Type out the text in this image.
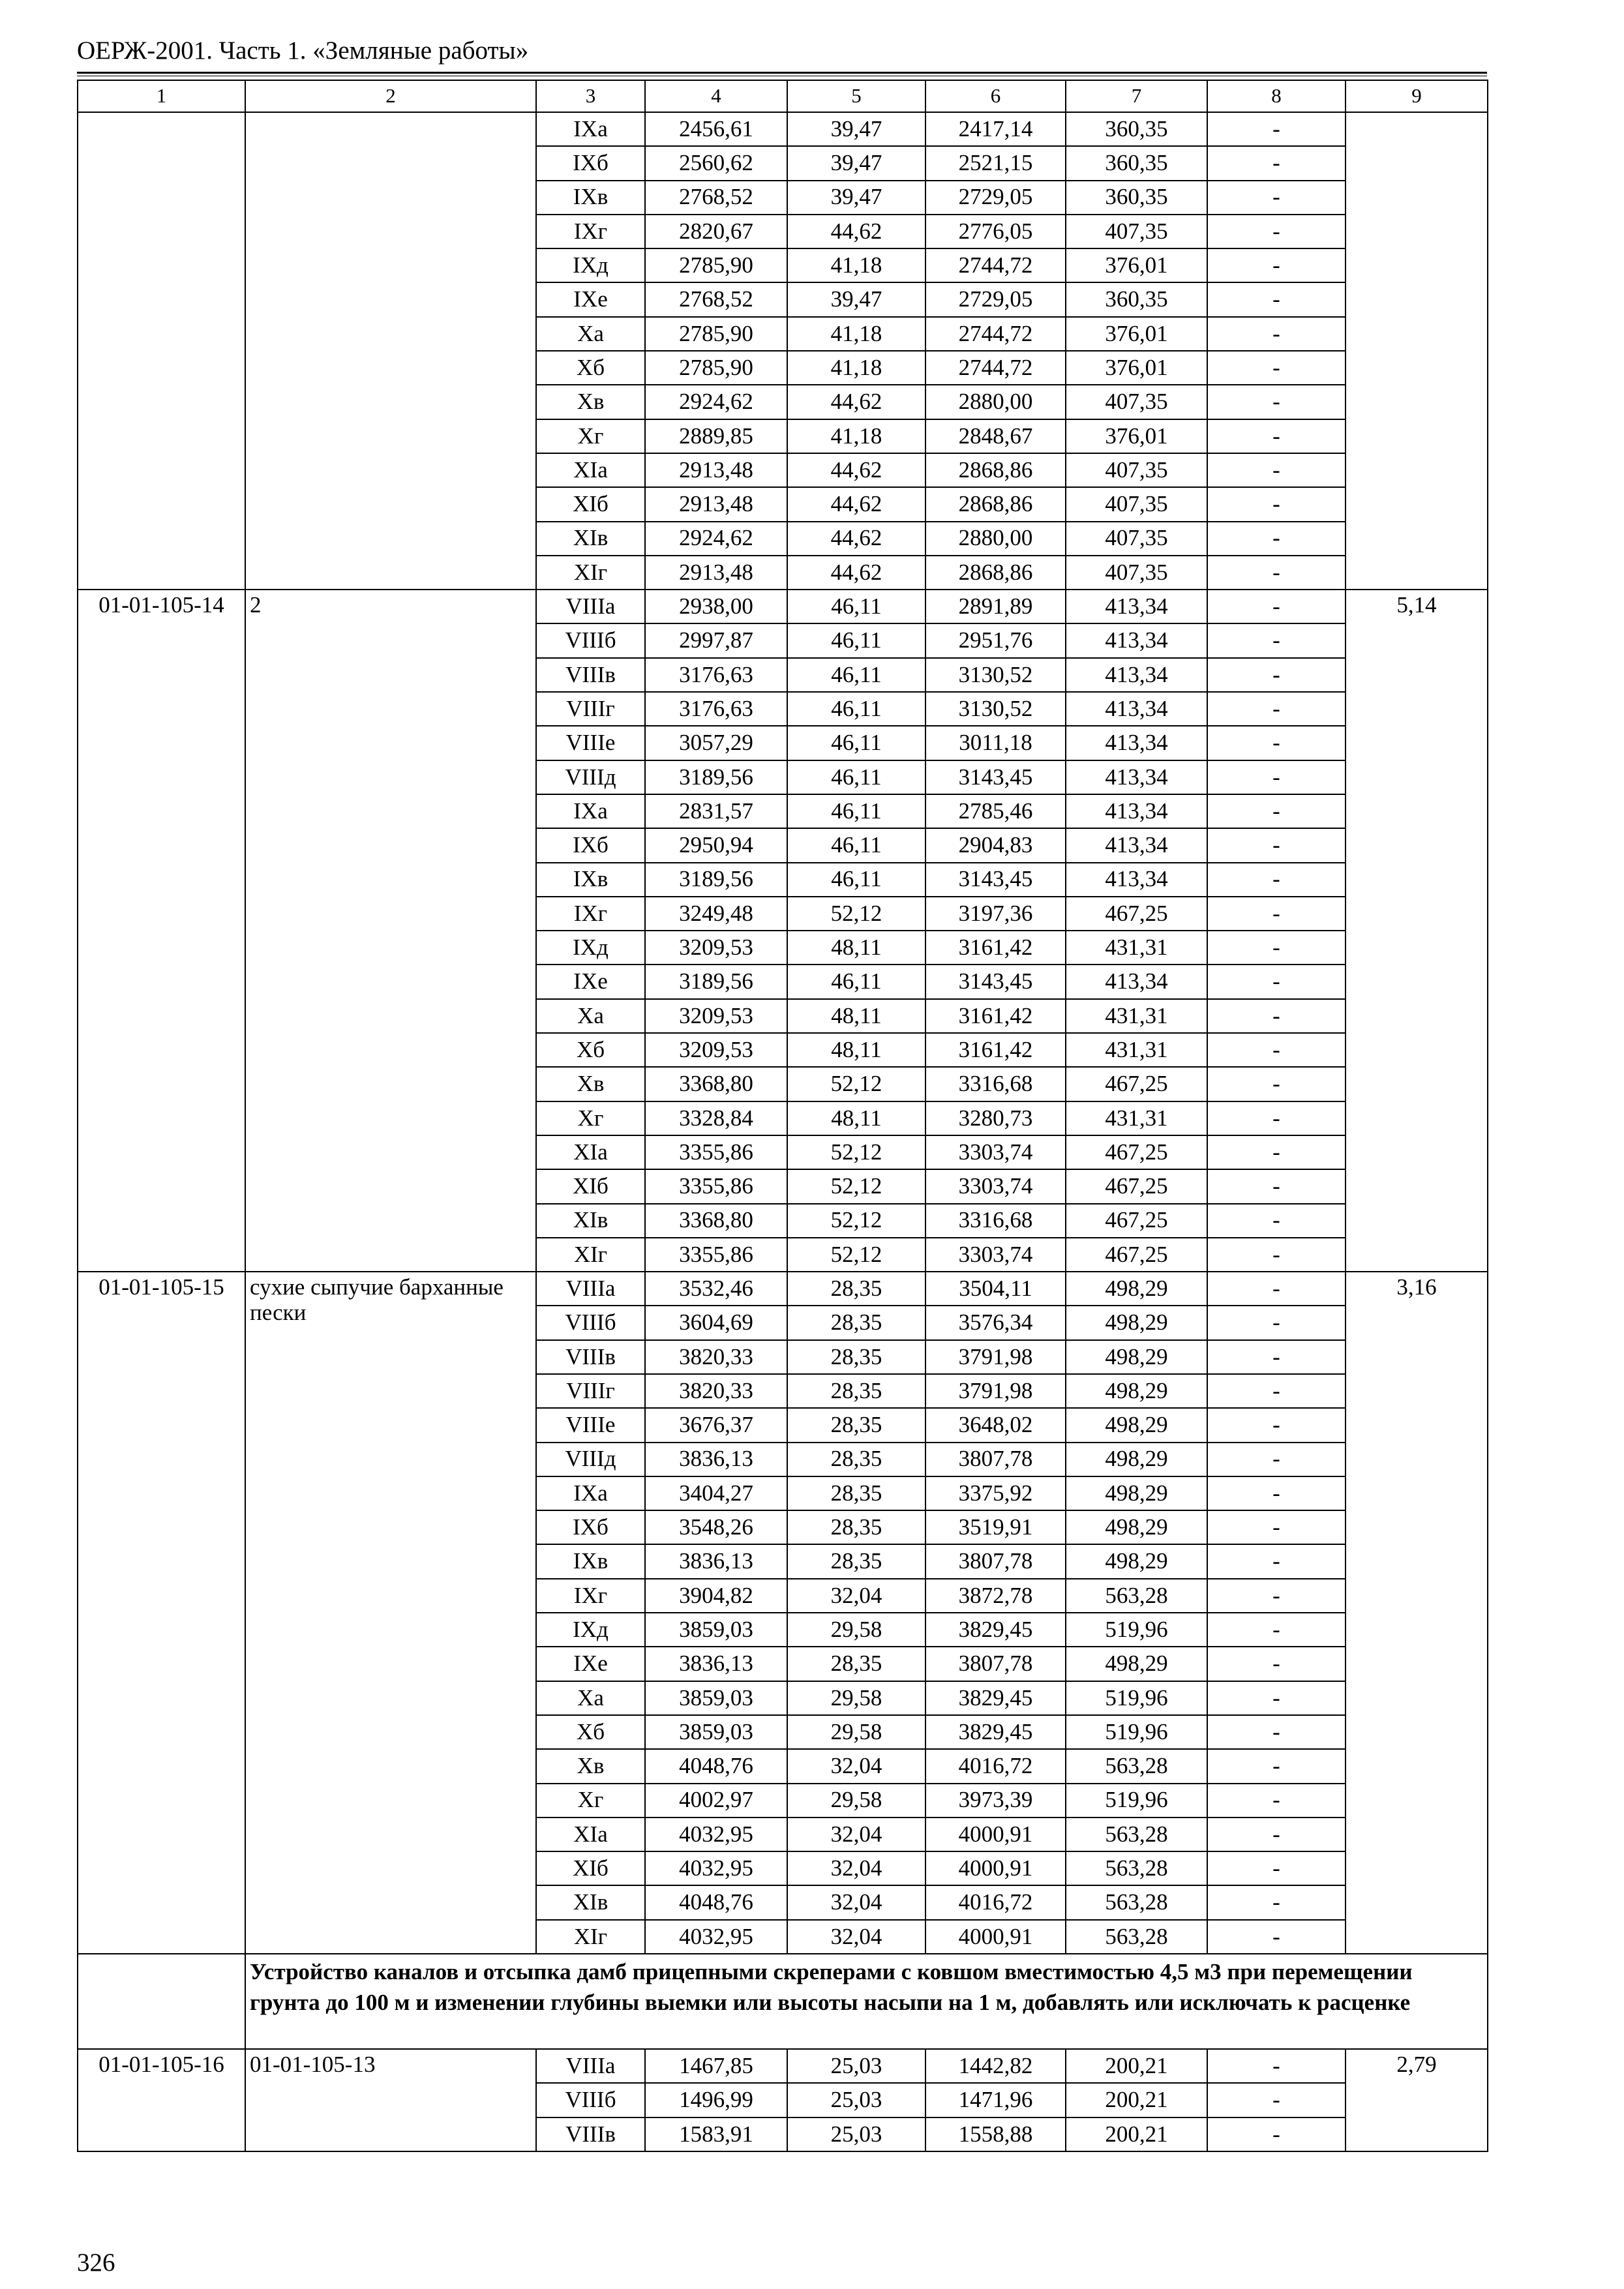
ОЕРЖ-2001. Часть 1. «Земляные работы»
1	2	3	4	5	6	7	8	9
		IXа	2456,61	39,47	2417,14	360,35	-	
		IXб	2560,62	39,47	2521,15	360,35	-	
		IXв	2768,52	39,47	2729,05	360,35	-	
		IXг	2820,67	44,62	2776,05	407,35	-	
		IXд	2785,90	41,18	2744,72	376,01	-	
		IXе	2768,52	39,47	2729,05	360,35	-	
		Xа	2785,90	41,18	2744,72	376,01	-	
		Xб	2785,90	41,18	2744,72	376,01	-	
		Xв	2924,62	44,62	2880,00	407,35	-	
		Xг	2889,85	41,18	2848,67	376,01	-	
		XIа	2913,48	44,62	2868,86	407,35	-	
		XIб	2913,48	44,62	2868,86	407,35	-	
		XIв	2924,62	44,62	2880,00	407,35	-	
		XIг	2913,48	44,62	2868,86	407,35	-	
01-01-105-14	2	VIIIа	2938,00	46,11	2891,89	413,34	-	5,14
		VIIIб	2997,87	46,11	2951,76	413,34	-	
		VIIIв	3176,63	46,11	3130,52	413,34	-	
		VIIIг	3176,63	46,11	3130,52	413,34	-	
		VIIIе	3057,29	46,11	3011,18	413,34	-	
		VIIIд	3189,56	46,11	3143,45	413,34	-	
		IXа	2831,57	46,11	2785,46	413,34	-	
		IXб	2950,94	46,11	2904,83	413,34	-	
		IXв	3189,56	46,11	3143,45	413,34	-	
		IXг	3249,48	52,12	3197,36	467,25	-	
		IXд	3209,53	48,11	3161,42	431,31	-	
		IXе	3189,56	46,11	3143,45	413,34	-	
		Xа	3209,53	48,11	3161,42	431,31	-	
		Xб	3209,53	48,11	3161,42	431,31	-	
		Xв	3368,80	52,12	3316,68	467,25	-	
		Xг	3328,84	48,11	3280,73	431,31	-	
		XIа	3355,86	52,12	3303,74	467,25	-	
		XIб	3355,86	52,12	3303,74	467,25	-	
		XIв	3368,80	52,12	3316,68	467,25	-	
		XIг	3355,86	52,12	3303,74	467,25	-	
01-01-105-15	сухие сыпучие барханные пески	VIIIа	3532,46	28,35	3504,11	498,29	-	3,16
		VIIIб	3604,69	28,35	3576,34	498,29	-	
		VIIIв	3820,33	28,35	3791,98	498,29	-	
		VIIIг	3820,33	28,35	3791,98	498,29	-	
		VIIIе	3676,37	28,35	3648,02	498,29	-	
		VIIIд	3836,13	28,35	3807,78	498,29	-	
		IXа	3404,27	28,35	3375,92	498,29	-	
		IXб	3548,26	28,35	3519,91	498,29	-	
		IXв	3836,13	28,35	3807,78	498,29	-	
		IXг	3904,82	32,04	3872,78	563,28	-	
		IXд	3859,03	29,58	3829,45	519,96	-	
		IXе	3836,13	28,35	3807,78	498,29	-	
		Xа	3859,03	29,58	3829,45	519,96	-	
		Xб	3859,03	29,58	3829,45	519,96	-	
		Xв	4048,76	32,04	4016,72	563,28	-	
		Xг	4002,97	29,58	3973,39	519,96	-	
		XIа	4032,95	32,04	4000,91	563,28	-	
		XIб	4032,95	32,04	4000,91	563,28	-	
		XIв	4048,76	32,04	4016,72	563,28	-	
		XIг	4032,95	32,04	4000,91	563,28	-	
	Устройство каналов и отсыпка дамб прицепными скреперами с ковшом вместимостью 4,5 м3 при перемещении грунта до 100 м и изменении глубины выемки или высоты насыпи на 1 м, добавлять или исключать к расценке							
01-01-105-16	01-01-105-13	VIIIа	1467,85	25,03	1442,82	200,21	-	2,79
		VIIIб	1496,99	25,03	1471,96	200,21	-	
		VIIIв	1583,91	25,03	1558,88	200,21	-	
326
